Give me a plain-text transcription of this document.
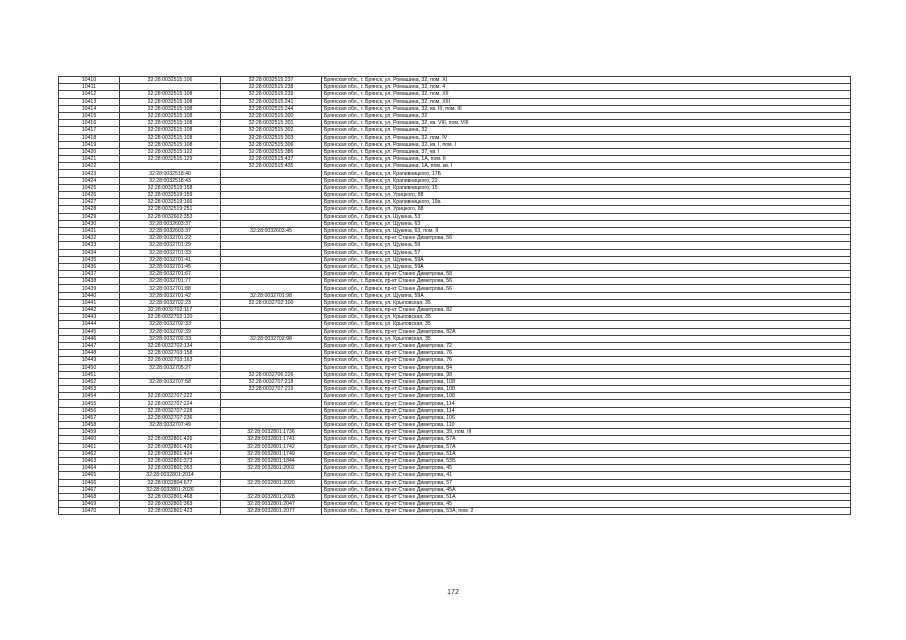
10410	32:28:0032515:106	32:28:0032515:237	Брянская обл., г. Брянск, ул. Ромашина, 32, пом. XI
10411		32:28:0032515:238	Брянская обл., г. Брянск, ул. Ромашина, 32, пом. 4
10412	32:28:0032515:108	32:28:0032515:239	Брянская обл., г. Брянск, ул. Ромашина, 32, пом. XII
10413	32:28:0032515:108	32:28:0032515:241	Брянская обл., г. Брянск, ул. Ромашина, 32, пом. XIII
10414	32:28:0032515:108	32:28:0032515:244	Брянская обл., г. Брянск, ул. Ромашина, 32, кв. III, пом. III
10415	32:28:0032515:108	32:28:0032515:300	Брянская обл., г. Брянск, ул. Ромашина, 32
10416	32:28:0032515:108	32:28:0032515:301	Брянская обл., г. Брянск, ул. Ромашина, 32, кв. VIII, пом. VIII
10417	32:28:0032515:108	32:28:0032515:302	Брянская обл., г. Брянск, ул. Ромашина, 32
10418	32:28:0032515:108	32:28:0032515:303	Брянская обл., г. Брянск, ул. Ромашина, 32, пом. IV
10419	32:28:0032515:108	32:28:0032515:306	Брянская обл., г. Брянск, ул. Ромашина, 32, кв. I, пом. I
10420	32:28:0032515:122	32:28:0032515:386	Брянская обл., г. Брянск, ул. Ромашина, 37, кв. I
10421	32:28:0032515:129	32:28:0032515:437	Брянская обл., г. Брянск, ул. Ромашина, 1А, пом. II
10422		32:28:0032515:435	Брянская обл., г. Брянск, ул. Ромашина, 1А, пом. кв. I
10423	32:28:0032518:40		Брянская обл., г. Брянск, ул. Крапивницкого, 17Б
10424	32:28:0032518:43		Брянская обл., г. Брянск, ул. Крапивницкого, 22
10425	32:28:0032519:158		Брянская обл., г. Брянск, ул. Крапивницкого, 15
10426	32:28:0032519:159		Брянская обл., г. Брянск, ул. Урицкого, 88
10427	32:28:0032519:166		Брянская обл., г. Брянск, ул. Крапивницкого, 19а
10428	32:28:0032519:251		Брянская обл., г. Брянск, ул. Урицкого, 88
10429	32:28:0032602:353		Брянская обл., г. Брянск, ул. Щукина, 53
10430	32:28:0032603:37		Брянская обл., г. Брянск, ул. Щукина, 63
10431	32:28:0032603:37	32:28:0032603:45	Брянская обл., г. Брянск, ул. Щукина, 63, пом. II
10432	32:28:0032701:22		Брянская обл., г. Брянск, пр-кт Станке Димитрова, 56
10433	32:28:0032701:29		Брянская обл., г. Брянск, ул. Щукина, 59
10434	32:28:0032701:33		Брянская обл., г. Брянск, ул. Щукина, 57
10435	32:28:0032701:41		Брянская обл., г. Брянск, ул. Щукина, 59А
10436	32:28:0032701:45		Брянская обл., г. Брянск, ул. Щукина, 59А
10437	32:28:0032701:67		Брянская обл., г. Брянск, пр-кт Станке Димитрова, 58
10438	32:28:0032701:77		Брянская обл., г. Брянск, пр-кт Станке Димитрова, 56
10439	32:28:0032701:88		Брянская обл., г. Брянск, пр-кт Станке Димитрова, 56
10440	32:28:0032701:42	32:28:0032701:98	Брянская обл., г. Брянск, ул. Щукина, 59А
10441	32:28:0032702:23	32:28:0032702:100	Брянская обл., г. Брянск, ул. Крыловская, 35
10442	32:28:0032702:117		Брянская обл., г. Брянск, пр-кт Станке Димитрова, 82
10443	32:28:0032702:120		Брянская обл., г. Брянск, ул. Крыловская, 35
10444	32:28:0032702:33		Брянская обл., г. Брянск, ул. Крыловская, 35
10445	32:28:0032702:39		Брянская обл., г. Брянск, пр-кт Станке Димитрова, 82А
10446	32:28:0032702:33	32:28:0032702:98	Брянская обл., г. Брянск, ул. Крыловская, 35
10447	32:28:0032702:134		Брянская обл., г. Брянск, пр-кт Станке Димитрова, 72
10448	32:28:0032703:158		Брянская обл., г. Брянск, пр-кт Станке Димитрова, 76
10449	32:28:0032703:163		Брянская обл., г. Брянск, пр-кт Станке Димитрова, 76
10450	32:28:0032705:27		Брянская обл., г. Брянск, пр-кт Станке Димитрова, 84
10451		32:28:0032706:226	Брянская обл., г. Брянск, пр-кт Станке Димитрова, 98
10452	32:28:0032707:58	32:28:0032707:218	Брянская обл., г. Брянск, пр-кт Станке Димитрова, 108
10453		32:28:0032707:219	Брянская обл., г. Брянск, пр-кт Станке Димитрова, 108
10454	32:28:0032707:222		Брянская обл., г. Брянск, пр-кт Станке Димитрова, 108
10455	32:28:0032707:224		Брянская обл., г. Брянск, пр-кт Станке Димитрова, 114
10456	32:28:0032707:228		Брянская обл., г. Брянск, пр-кт Станке Димитрова, 114
10457	32:28:0032707:236		Брянская обл., г. Брянск, пр-кт Станке Димитрова, 106
10458	32:28:0032707:49		Брянская обл., г. Брянск, пр-кт Станке Димитрова, 110
10459		32:28:0032801:1736	Брянская обл., г. Брянск, пр-кт Станке Димитрова, 39, пом. III
10460	32:28:0032801:426	32:28:0032801:1741	Брянская обл., г. Брянск, пр-кт Станке Димитрова, 57А
10461	32:28:0032801:426	32:28:0032801:1742	Брянская обл., г. Брянск, пр-кт Станке Димитрова, 57А
10462	32:28:0032801:424	32:28:0032801:1749	Брянская обл., г. Брянск, пр-кт Станке Димитрова, 51А
10463	32:28:0032801:373	32:28:0032801:1844	Брянская обл., г. Брянск, пр-кт Станке Димитрова, 53Б
10464	32:28:0032801:353	32:28:0032801:2002	Брянская обл., г. Брянск, пр-кт Станке Димитрова, 45
10465	32:28:0032801:2014		Брянская обл., г. Брянск, пр-кт Станке Димитрова, 41
10466	32:28:0032804:677	32:28:0032801:2020	Брянская обл., г. Брянск, пр-кт Станке Димитрова, 57
10467	32:28:0032801:2026		Брянская обл., г. Брянск, пр-кт Станке Димитрова, 45А
10468	32:28:0032801:468	32:28:0032801:2028	Брянская обл., г. Брянск, пр-кт Станке Димитрова, 51А
10469	32:28:0032801:363	32:28:0032801:2047	Брянская обл., г. Брянск, пр-кт Станке Димитрова, 45
10470	32:28:0032801:423	32:28:0032801:2077	Брянская обл., г. Брянск, пр-кт Станке Димитрова, 53А, пом. 2
172
